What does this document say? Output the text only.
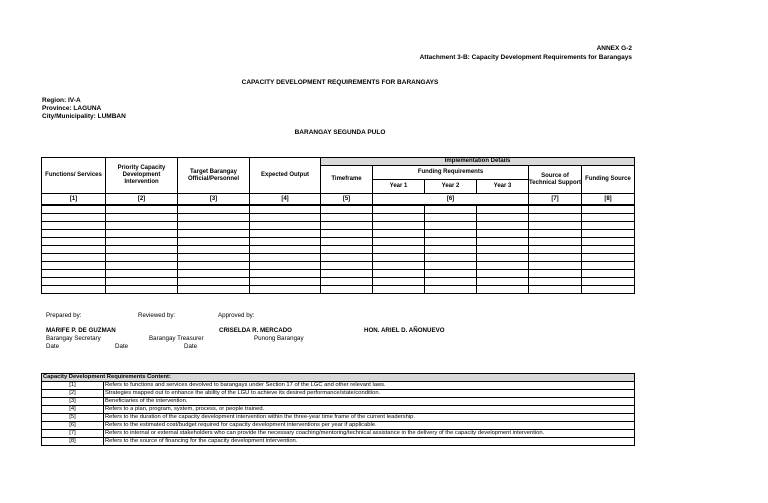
ANNEX G-2
Attachment 3-B: Capacity Development Requirements for Barangays
CAPACITY DEVELOPMENT REQUIREMENTS FOR BARANGAYS
Region: IV-A
Province: LAGUNA
City/Municipality: LUMBAN
BARANGAY SEGUNDA PULO
Functions/ Services	Priority Capacity Development Intervention	Target Barangay Official/Personnel	Expected Output	Implementation Details					
				Timeframe	Funding Requirements			Source of Technical Support	Funding Source
					Year 1	Year 2	Year 3		
[1]	[2]	[3]	[4]	[5]	[6]			[7]	[8]

Prepared by:	Reviewed by:	Approved by:
MARIFE P. DE GUZMAN	CRISELDA R. MERCADO	HON. ARIEL D. AÑONUEVO
Barangay Secretary	Barangay Treasurer	Punong Barangay
Date	Date	Date
Capacity Development Requirements Content:	
[1]	Refers to functions and services devolved to barangays under Section 17 of the LGC and other relevant laws.
[2]	Strategies mapped out to enhance the ability of the LGU to achieve its desired performance/state/condition.
[3]	Beneficiaries of the intervention.
[4]	Refers to a plan, program, system, process, or people trained.
[5]	Refers to the duration of the capacity development intervention within the three-year time frame of the current leadership.
[6]	Refers to the estimated cost/budget required for capacity development interventions per year if applicable.
[7]	Refers to internal or external stakeholders who can provide the necessary coaching/mentoring/technical assistance in the delivery of the capacity development intervention.
[8]	Refers to the source of financing for the capacity development intervention.
